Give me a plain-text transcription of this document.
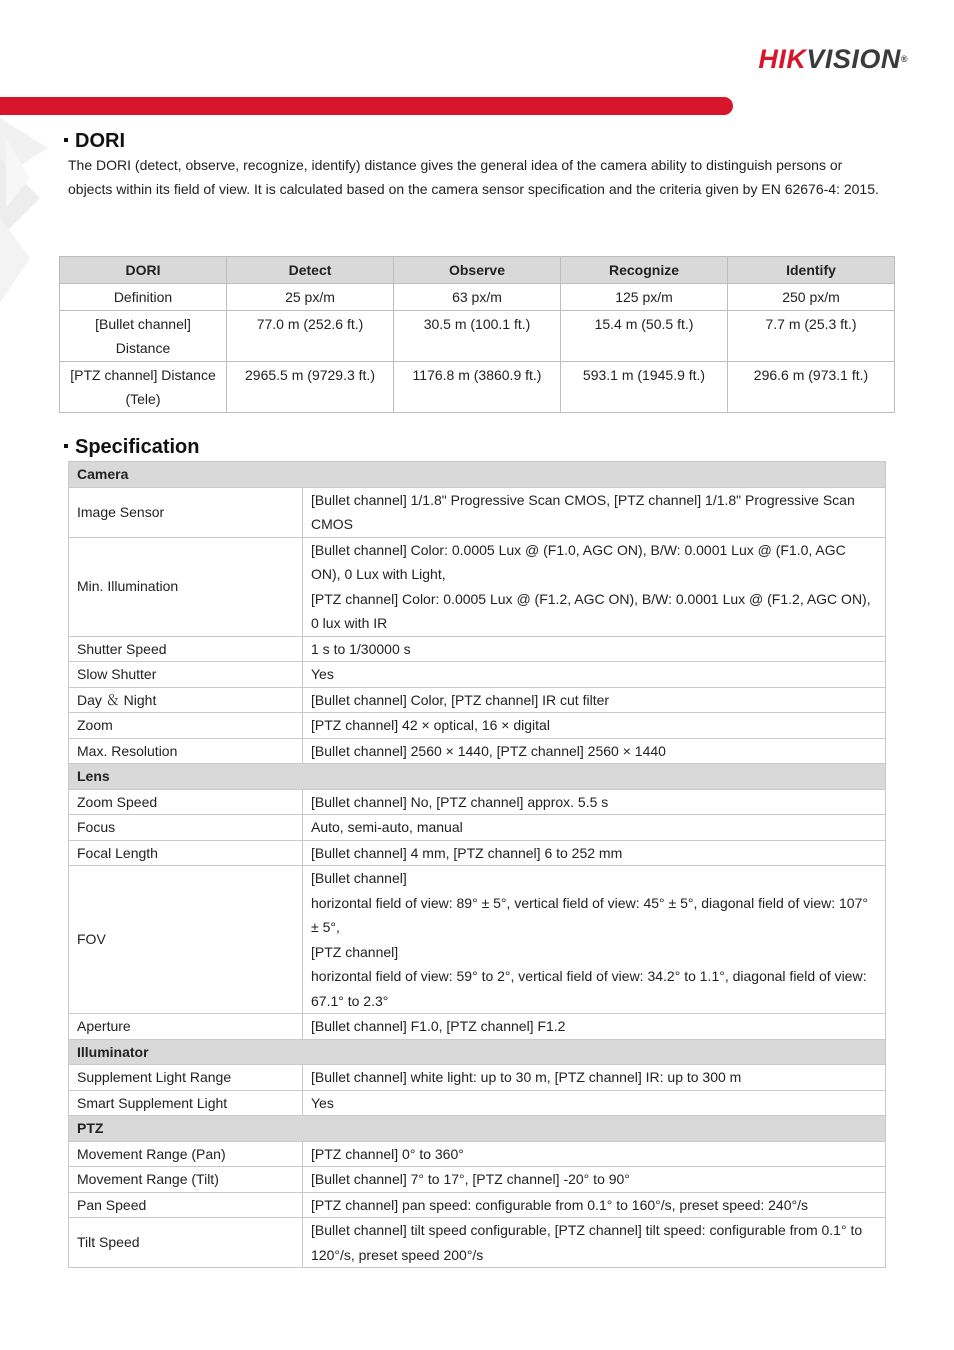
HIKVISION®
DORI

The DORI (detect, observe, recognize, identify) distance gives the general idea of the camera ability to distinguish persons or objects within its field of view. It is calculated based on the camera sensor specification and the criteria given by EN 62676-4: 2015.

DORI	Detect	Observe	Recognize	Identify
Definition	25 px/m	63 px/m	125 px/m	250 px/m
[Bullet channel] Distance	77.0 m (252.6 ft.)	30.5 m (100.1 ft.)	15.4 m (50.5 ft.)	7.7 m (25.3 ft.)
[PTZ channel] Distance (Tele)	2965.5 m (9729.3 ft.)	1176.8 m (3860.9 ft.)	593.1 m (1945.9 ft.)	296.6 m (973.1 ft.)
Specification
Camera	
Image Sensor	[Bullet channel] 1/1.8" Progressive Scan CMOS, [PTZ channel] 1/1.8" Progressive Scan CMOS
Min. Illumination	[Bullet channel] Color: 0.0005 Lux @ (F1.0, AGC ON), B/W: 0.0001 Lux @ (F1.0, AGC ON), 0 Lux with Light,
[PTZ channel] Color: 0.0005 Lux @ (F1.2, AGC ON), B/W: 0.0001 Lux @ (F1.2, AGC ON), 0 lux with IR

Shutter Speed	1 s to 1/30000 s
Slow Shutter	Yes
Day ＆ Night	[Bullet channel] Color, [PTZ channel] IR cut filter
Zoom	[PTZ channel] 42 × optical, 16 × digital
Max. Resolution	[Bullet channel] 2560 × 1440, [PTZ channel] 2560 × 1440
Lens	
Zoom Speed	[Bullet channel] No, [PTZ channel] approx. 5.5 s
Focus	Auto, semi-auto, manual
Focal Length	[Bullet channel] 4 mm, [PTZ channel] 6 to 252 mm
FOV	[Bullet channel]
horizontal field of view: 89° ± 5°, vertical field of view: 45° ± 5°, diagonal field of view: 107° ± 5°,
[PTZ channel]
horizontal field of view: 59° to 2°, vertical field of view: 34.2° to 1.1°, diagonal field of view: 67.1° to 2.3°

Aperture	[Bullet channel] F1.0, [PTZ channel] F1.2
Illuminator	
Supplement Light Range	[Bullet channel] white light: up to 30 m, [PTZ channel] IR: up to 300 m
Smart Supplement Light	Yes
PTZ	
Movement Range (Pan)	[PTZ channel] 0° to 360°
Movement Range (Tilt)	[Bullet channel] 7° to 17°, [PTZ channel] -20° to 90°
Pan Speed	[PTZ channel] pan speed: configurable from 0.1° to 160°/s, preset speed: 240°/s
Tilt Speed	[Bullet channel] tilt speed configurable, [PTZ channel] tilt speed: configurable from 0.1° to 120°/s, preset speed 200°/s
